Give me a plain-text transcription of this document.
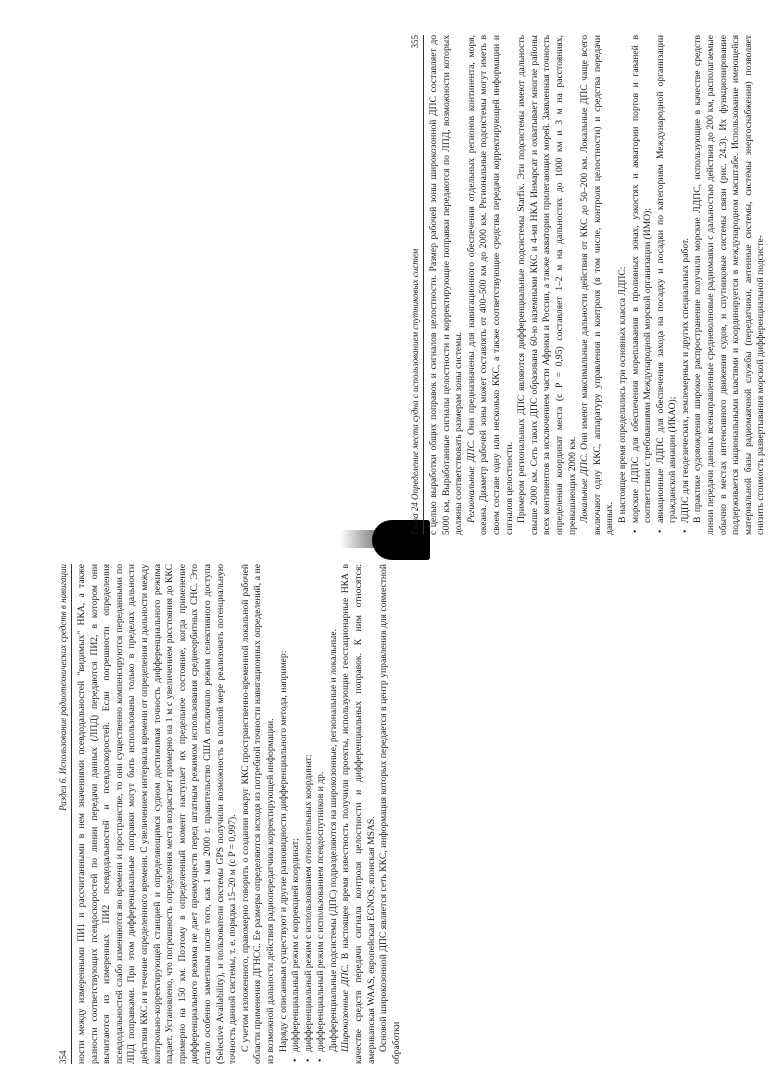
354
Раздел 6. Использование радиотехнических средств в навигации ности между измеренными ПИ1 и рассчитанными в нем значениями псевдодальностей "видимых" НКА, а также разности соответствующих псевдоскоростей по линии передачи данных (ЛПД) передаются ПИ2, в котором они вычитаются из измеренных ПИ2 псевдодальностей и псевдоскоростей. Если погрешности определения псевдодальностей слабо изменяются во времени и пространстве, то они существенно компенсируются переданными по ЛПД поправками. При этом дифференциальные поправки могут быть использованы только в пределах дальности действия ККС и в течение определенного времени. С увеличением интервала времени от определения и дальности между контрольно-корректирующей станцией и определяющимся судном достижимая точность дифференциального режима падает. Установлено, что погрешность определения места возрастает примерно на 1 м с увеличением расстояния до ККС примерно на 150 км. Поэтому в определенный момент наступает их предельное состояние, когда применение дифференциального режима не дает преимуществ перед штатным режимом использования среднеорбитных СНС. Это стало особенно заметным после того, как 1 мая 2000 г. правительство США отключило режим селективного доступа (Selective Availability), и пользователи системы GPS получили возможность в полной мере реализовать потенциальную точность данной системы, т. е. порядка 15–20 м (с P = 0,997). С учетом изложенного, правомерно говорить о создании вокруг ККС пространственно-временной локальной рабочей области применения ДГНСС. Ее размеры определяются исходя из потребной точности навигационных определений, а не из возможной дальности действия радиопередатчика корректирующей информации. Наряду с описанным существуют и другие разновидности дифференциального метода, например: • дифференциальный режим с коррекцией координат; • дифференциальный режим с использованием относительных координат; • дифференциальный режим с использованием псевдоспутников и др. Дифференциальные подсистемы (ДПС) подразделяются на широкозонные, региональные и локальные. Широкозонные ДПС. В настоящее время известность получили проекты, использующие геостационарные НКА в качестве средств передачи сигнала контроля целостности и дифференциальных поправок. К ним относятся: американская WAAS, европейская EGNOS, японская MSAS. Основой широкозонной ДПС является сеть ККС, информация которых передается в центр управления для совместной обработки

Глава 24 Определение места судна с использованием спутниковых систем
355 с целью выработки общих поправок и сигналов целостности. Размер рабочей зоны широкозонной ДПС составляет до 5000 км. Выработанные сигналы целостности и корректирующие поправки передаются по ЛПД, возможности которых должны соответствовать размерам зоны системы. Региональные ДПС. Они предназначены для навигационного обеспечения отдельных регионов континента, моря, океана. Диаметр рабочей зоны может составлять от 400–500 км до 2000 км. Региональные подсистемы могут иметь в своем составе одну или несколько ККС, а также соответствующие средства передачи корректирующей информации и сигналов целостности. Примером региональных ДПС являются дифференциальные подсистемы Starfix. Эти подсистемы имеют дальность свыше 2000 км. Сеть таких ДПС образована 60-ю наземными ККС и 4-мя НКА Инмарсат и охватывает многие районы всех континентов за исключением части Африки и России, а также акватории прилегающих морей. Заявленная точность определения координат места (с P = 0,95) составляет 1–2 м на дальностях до 1000 км и 3 м на расстояниях, превышающих 2000 км. Локальные ДПС. Они имеют максимальные дальности действия от ККС до 50–200 км. Локальные ДПС чаще всего включают одну ККС, аппаратуру управления и контроля (в том числе, контроля целостности) и средства передачи данных. В настоящее время определились три основных класса ЛДПС: • морские ЛДПС для обеспечения мореплавания в проливных зонах, узкостях и акватории портов и гаваней в соответствии с требованиями Международной морской организации (ИМО); • авиационные ЛДПС для обеспечения захода на посадку и посадки по категориям Международной организации гражданской авиации (ИКАО); • ЛДПС для геодезических, землемерных и других специальных работ. В практике судовождения широкое распространение получили морские ЛДПС, использующие в качестве средств линии передачи данных всенаправленные средневолновые радиомаяки с дальностью действия до 200 км, располагаемые обычно в местах интенсивного движения судов, и спутниковые системы связи (рис. 24.3). Их функционирование поддерживается национальными властями и координируется в международном масштабе. Использование имеющейся материальной базы радиомаячной службы (передатчики, антенные системы, системы энергоснабжения) позволяет снизить стоимость развертывания морской дифференциальной подсисте-
